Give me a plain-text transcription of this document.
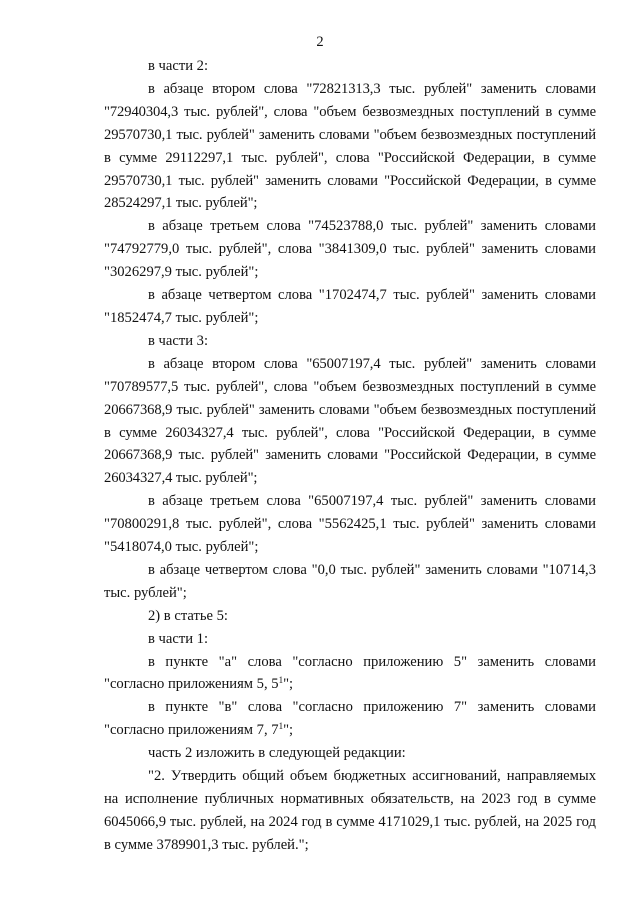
2

в части 2:

в абзаце втором слова "72821313,3 тыс. рублей" заменить словами "72940304,3 тыс. рублей", слова "объем безвозмездных поступлений в сумме 29570730,1 тыс. рублей" заменить словами "объем безвозмездных поступлений в сумме 29112297,1 тыс. рублей", слова "Российской Федерации, в сумме 29570730,1 тыс. рублей" заменить словами "Российской Федерации, в сумме 28524297,1 тыс. рублей";

в абзаце третьем слова "74523788,0 тыс. рублей" заменить словами "74792779,0 тыс. рублей", слова "3841309,0 тыс. рублей" заменить словами "3026297,9 тыс. рублей";

в абзаце четвертом слова "1702474,7 тыс. рублей" заменить словами "1852474,7 тыс. рублей";

в части 3:

в абзаце втором слова "65007197,4 тыс. рублей" заменить словами "70789577,5 тыс. рублей", слова "объем безвозмездных поступлений в сумме 20667368,9 тыс. рублей" заменить словами "объем безвозмездных поступлений в сумме 26034327,4 тыс. рублей", слова "Российской Федерации, в сумме 20667368,9 тыс. рублей" заменить словами "Российской Федерации, в сумме 26034327,4 тыс. рублей";

в абзаце третьем слова "65007197,4 тыс. рублей" заменить словами "70800291,8 тыс. рублей", слова "5562425,1 тыс. рублей" заменить словами "5418074,0 тыс. рублей";

в абзаце четвертом слова "0,0 тыс. рублей" заменить словами "10714,3 тыс. рублей";

2) в статье 5:

в части 1:

в пункте "а" слова "согласно приложению 5" заменить словами "согласно приложениям 5, $5^1$";

в пункте "в" слова "согласно приложению 7" заменить словами "согласно приложениям 7, $7^1$";

часть 2 изложить в следующей редакции:

"2. Утвердить общий объем бюджетных ассигнований, направляемых на исполнение публичных нормативных обязательств, на 2023 год в сумме 6045066,9 тыс. рублей, на 2024 год в сумме 4171029,1 тыс. рублей, на 2025 год в сумме 3789901,3 тыс. рублей.";
